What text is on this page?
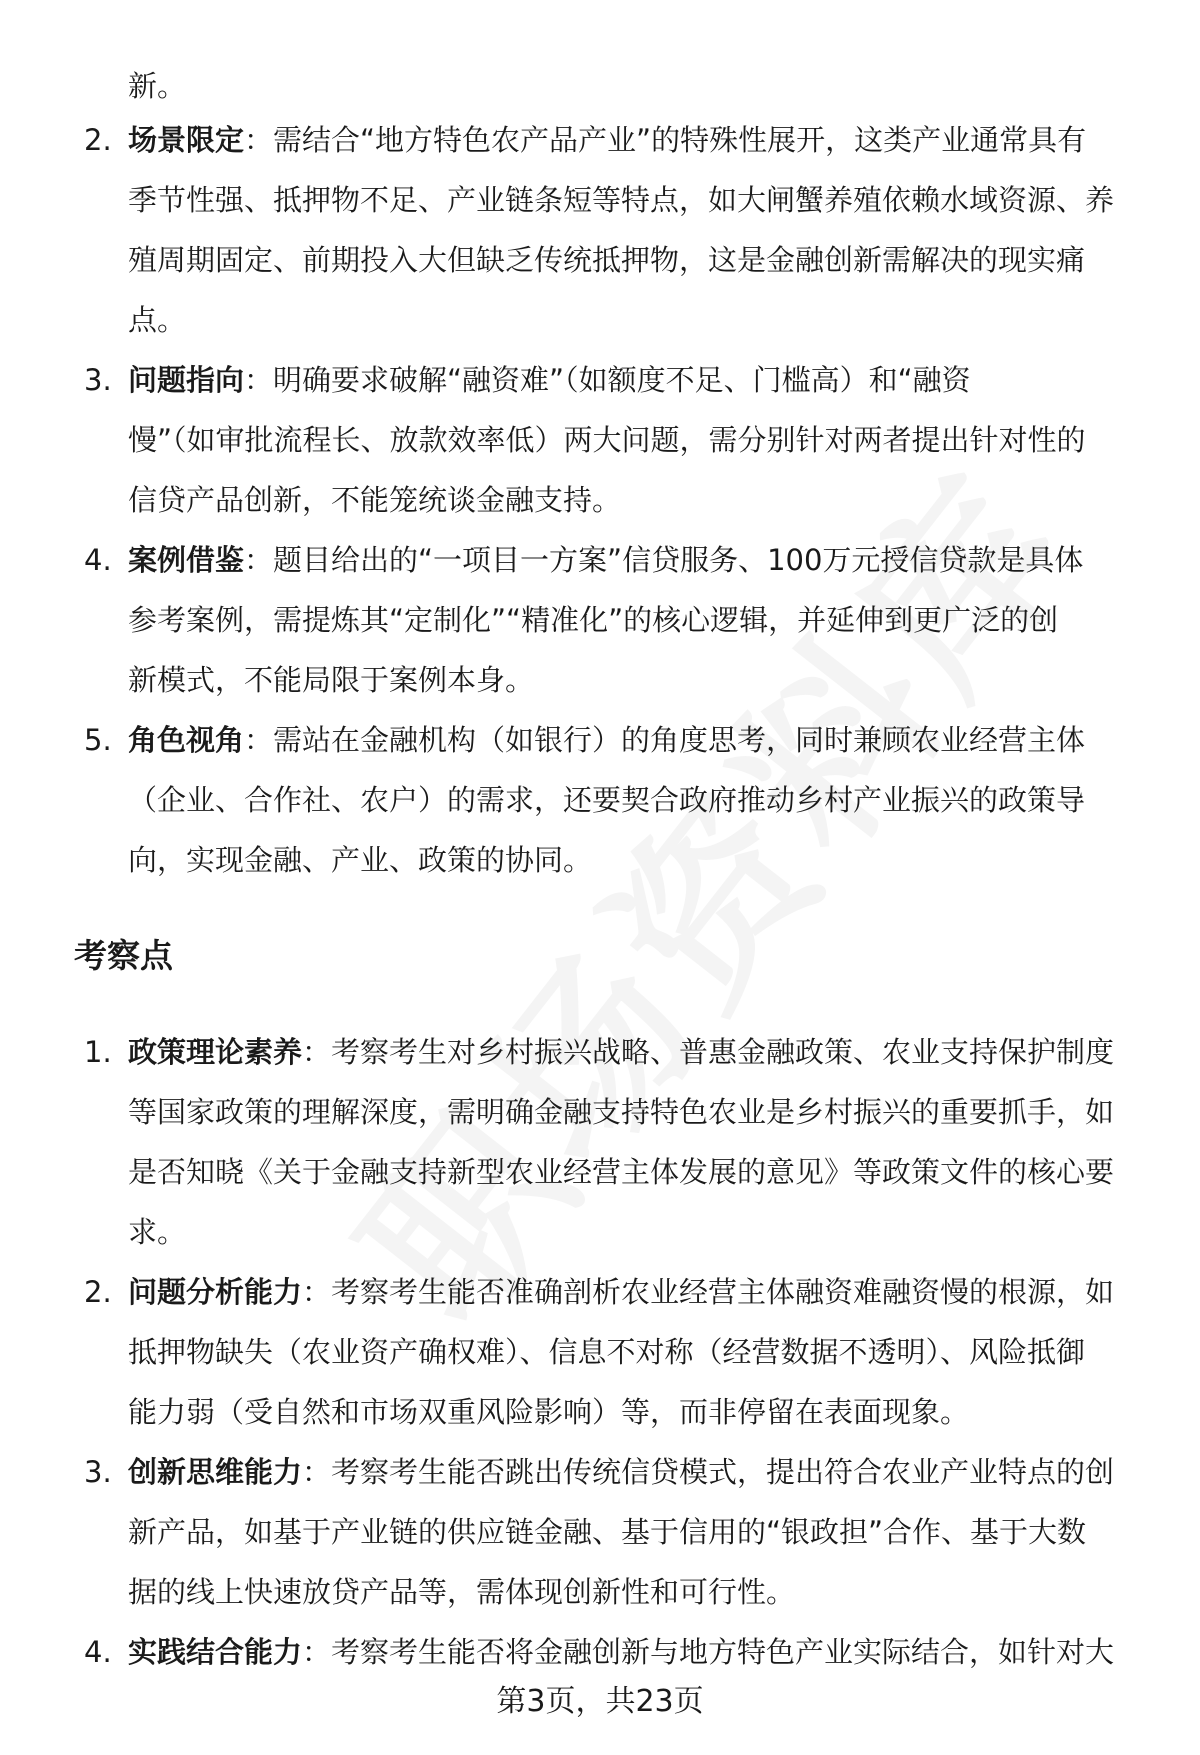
新。
2. 场景限定：需结合“地方特色农产品产业”的特殊性展开，这类产业通常具有
季节性强、抵押物不足、产业链条短等特点，如大闸蟹养殖依赖水域资源、养
殖周期固定、前期投入大但缺乏传统抵押物，这是金融创新需解决的现实痛
点。
3. 问题指向：明确要求破解“融资难”（如额度不足、门槛高）和“融资
慢”（如审批流程长、放款效率低）两大问题，需分别针对两者提出针对性的
信贷产品创新，不能笼统谈金融支持。
4. 案例借鉴：题目给出的“一项目一方案”信贷服务、100万元授信贷款是具体
参考案例，需提炼其“定制化”“精准化”的核心逻辑，并延伸到更广泛的创
新模式，不能局限于案例本身。
5. 角色视角：需站在金融机构（如银行）的角度思考，同时兼顾农业经营主体
（企业、合作社、农户）的需求，还要契合政府推动乡村产业振兴的政策导
向，实现金融、产业、政策的协同。
考察点
1. 政策理论素养：考察考生对乡村振兴战略、普惠金融政策、农业支持保护制度
等国家政策的理解深度，需明确金融支持特色农业是乡村振兴的重要抓手，如
是否知晓《关于金融支持新型农业经营主体发展的意见》等政策文件的核心要
求。
2. 问题分析能力：考察考生能否准确剖析农业经营主体融资难融资慢的根源，如
抵押物缺失（农业资产确权难）、信息不对称（经营数据不透明）、风险抵御
能力弱（受自然和市场双重风险影响）等，而非停留在表面现象。
3. 创新思维能力：考察考生能否跳出传统信贷模式，提出符合农业产业特点的创
新产品，如基于产业链的供应链金融、基于信用的“银政担”合作、基于大数
据的线上快速放贷产品等，需体现创新性和可行性。
4. 实践结合能力：考察考生能否将金融创新与地方特色产业实际结合，如针对大
第3页，共23页
